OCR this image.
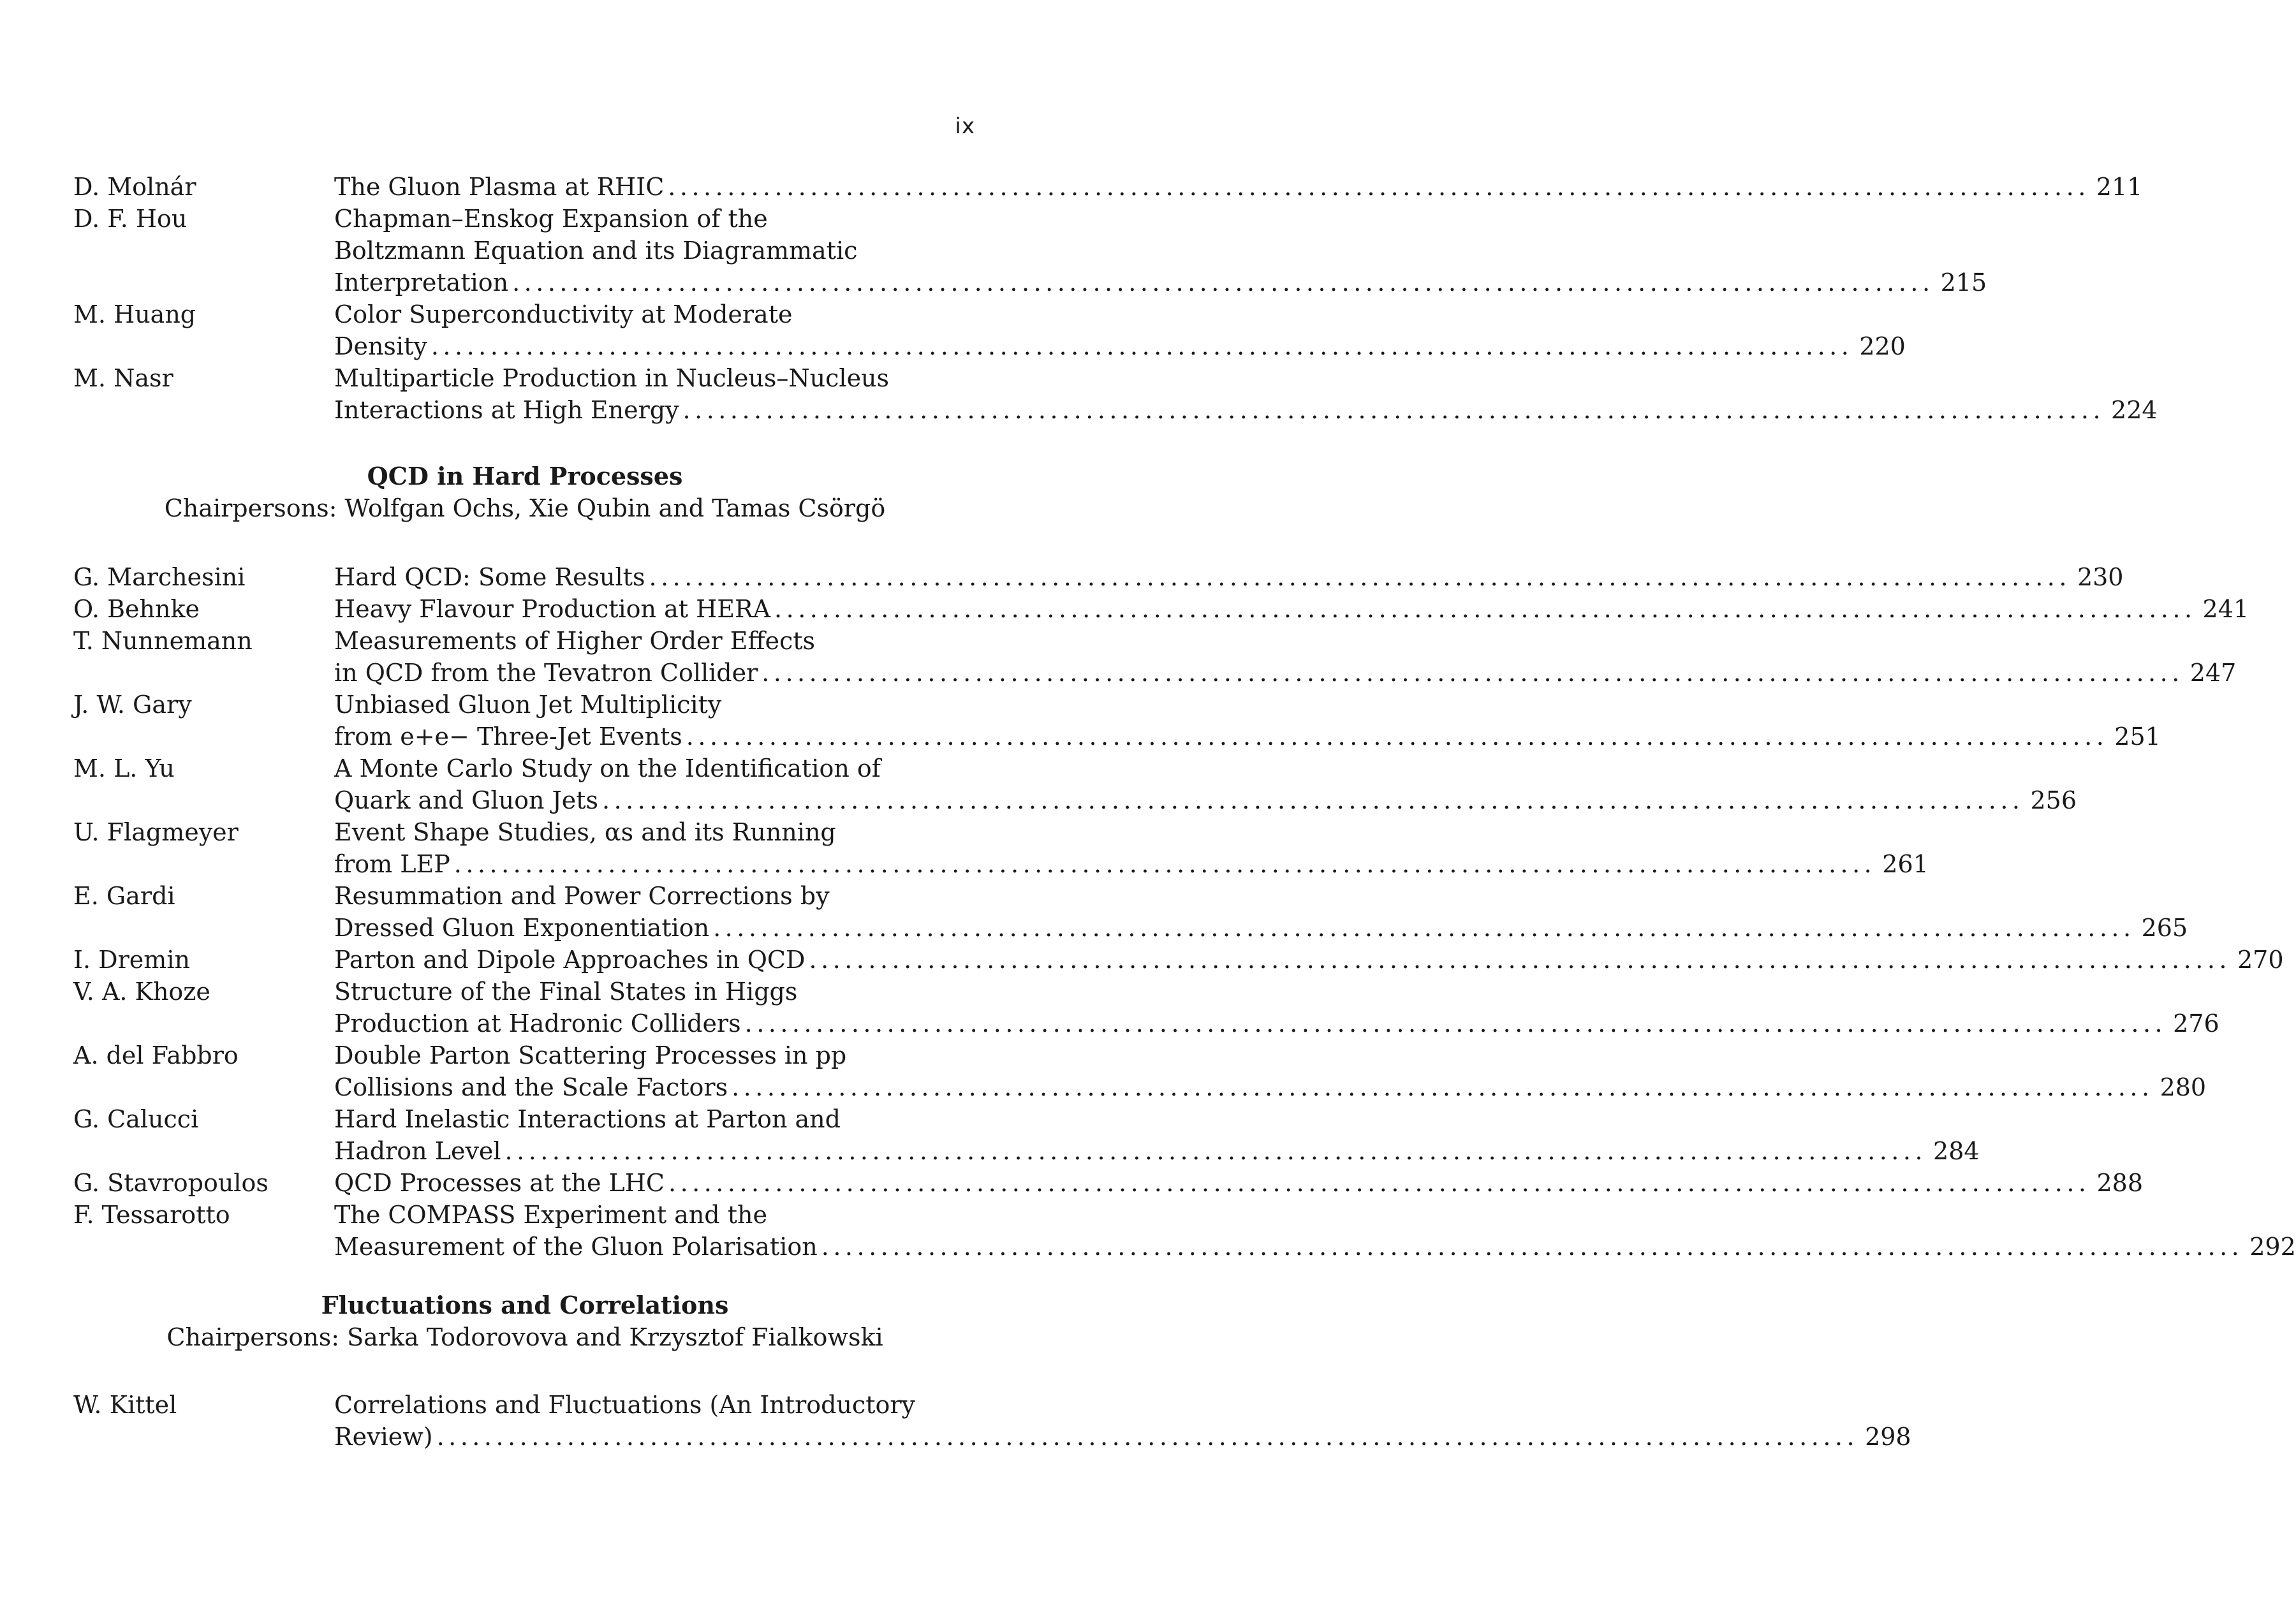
ix
D. Molnár	The Gluon Plasma at RHIC ........................................................................................................................ 211
D. F. Hou	Chapman–Enskog Expansion of the
Boltzmann Equation and its Diagrammatic
Interpretation ........................................................................................................................ 215
M. Huang	Color Superconductivity at Moderate
Density ........................................................................................................................ 220
M. Nasr	Multiparticle Production in Nucleus–Nucleus
Interactions at High Energy ........................................................................................................................ 224
QCD in Hard Processes
Chairpersons: Wolfgan Ochs, Xie Qubin and Tamas Csörgö
G. Marchesini	Hard QCD: Some Results ........................................................................................................................ 230
O. Behnke	Heavy Flavour Production at HERA ........................................................................................................................ 241
T. Nunnemann	Measurements of Higher Order Effects
in QCD from the Tevatron Collider ........................................................................................................................ 247
J. W. Gary	Unbiased Gluon Jet Multiplicity
from e+e− Three-Jet Events ........................................................................................................................ 251
M. L. Yu	A Monte Carlo Study on the Identification of
Quark and Gluon Jets ........................................................................................................................ 256
U. Flagmeyer	Event Shape Studies, αs and its Running
from LEP ........................................................................................................................ 261
E. Gardi	Resummation and Power Corrections by
Dressed Gluon Exponentiation ........................................................................................................................ 265
I. Dremin	Parton and Dipole Approaches in QCD ........................................................................................................................ 270
V. A. Khoze	Structure of the Final States in Higgs
Production at Hadronic Colliders ........................................................................................................................ 276
A. del Fabbro	Double Parton Scattering Processes in pp
Collisions and the Scale Factors ........................................................................................................................ 280
G. Calucci	Hard Inelastic Interactions at Parton and
Hadron Level ........................................................................................................................ 284
G. Stavropoulos	QCD Processes at the LHC ........................................................................................................................ 288
F. Tessarotto	The COMPASS Experiment and the
Measurement of the Gluon Polarisation ........................................................................................................................ 292
Fluctuations and Correlations
Chairpersons: Sarka Todorovova and Krzysztof Fialkowski
W. Kittel	Correlations and Fluctuations (An Introductory
Review) ........................................................................................................................ 298
